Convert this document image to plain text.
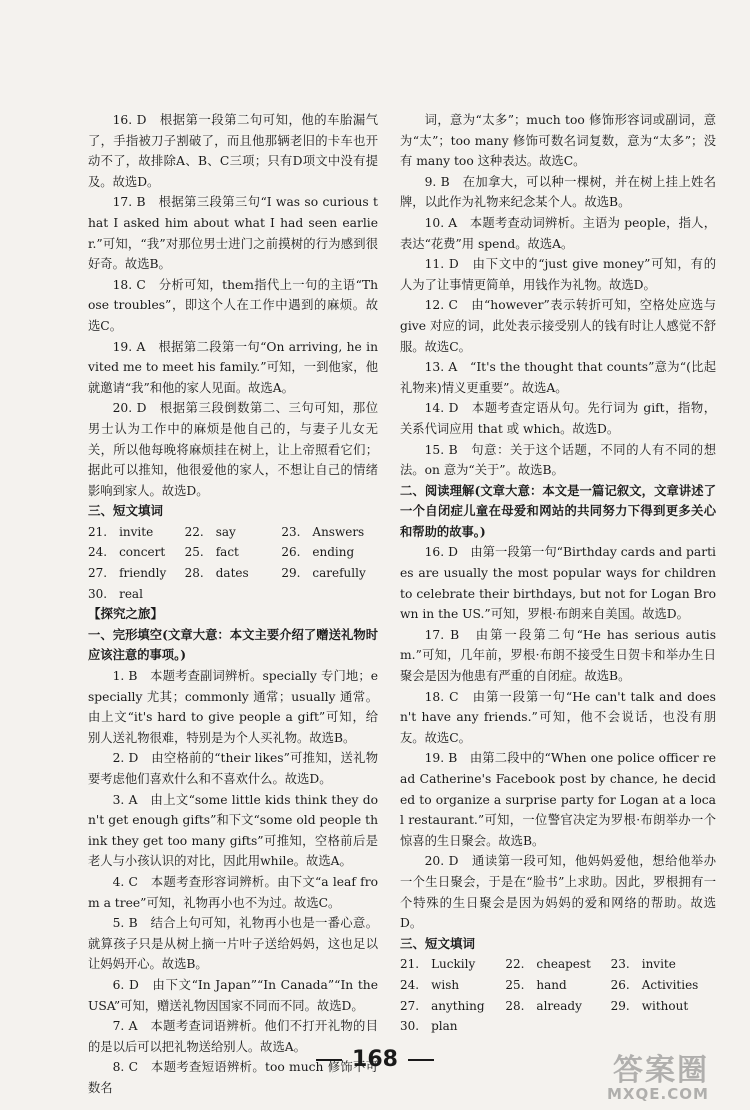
16. D　根据第一段第二句可知，他的车胎漏气了，手指被刀子割破了，而且他那辆老旧的卡车也开动不了，故排除A、B、C三项；只有D项文中没有提及。故选D。
17. B　根据第三段第三句“I was so curious that I asked him about what I had seen earlier.”可知，“我”对那位男士进门之前摸树的行为感到很好奇。故选B。
18. C　分析可知，them指代上一句的主语“Those troubles”，即这个人在工作中遇到的麻烦。故选C。
19. A　根据第二段第一句“On arriving, he invited me to meet his family.”可知，一到他家，他就邀请“我”和他的家人见面。故选A。
20. D　根据第三段倒数第二、三句可知，那位男士认为工作中的麻烦是他自己的，与妻子儿女无关，所以他每晚将麻烦挂在树上，让上帝照看它们；据此可以推知，他很爱他的家人，不想让自己的情绪影响到家人。故选D。
三、短文填词
21.　invite	22.　say	23.　Answers
24.　concert	25.　fact	26.　ending
27.　friendly	28.　dates	29.　carefully
30.　real		
【探究之旅】
一、完形填空(文章大意：本文主要介绍了赠送礼物时应该注意的事项。)
1. B　本题考查副词辨析。specially 专门地；especially 尤其；commonly 通常；usually 通常。由上文“it's hard to give people a gift”可知，给别人送礼物很难，特别是为个人买礼物。故选B。
2. D　由空格前的“their likes”可推知，送礼物要考虑他们喜欢什么和不喜欢什么。故选D。
3. A　由上文“some little kids think they don't get enough gifts”和下文“some old people think they get too many gifts”可推知，空格前后是老人与小孩认识的对比，因此用while。故选A。
4. C　本题考查形容词辨析。由下文“a leaf from a tree”可知，礼物再小也不为过。故选C。
5. B　结合上句可知，礼物再小也是一番心意。就算孩子只是从树上摘一片叶子送给妈妈，这也足以让妈妈开心。故选B。
6. D　由下文“In Japan”“In Canada”“In the USA”可知，赠送礼物因国家不同而不同。故选D。
7. A　本题考查词语辨析。他们不打开礼物的目的是以后可以把礼物送给别人。故选A。
8. C　本题考查短语辨析。too much 修饰不可数名
词，意为“太多”；much too 修饰形容词或副词，意为“太”；too many 修饰可数名词复数，意为“太多”；没有 many too 这种表达。故选C。
9. B　在加拿大，可以种一棵树，并在树上挂上姓名牌，以此作为礼物来纪念某个人。故选B。
10. A　本题考查动词辨析。主语为 people，指人，表达“花费”用 spend。故选A。
11. D　由下文中的“just give money”可知，有的人为了让事情更简单，用钱作为礼物。故选D。
12. C　由“however”表示转折可知，空格处应选与 give 对应的词，此处表示接受别人的钱有时让人感觉不舒服。故选C。
13. A　“It's the thought that counts”意为“(比起礼物来)情义更重要”。故选A。
14. D　本题考查定语从句。先行词为 gift，指物，关系代词应用 that 或 which。故选D。
15. B　句意：关于这个话题，不同的人有不同的想法。on 意为“关于”。故选B。
二、阅读理解(文章大意：本文是一篇记叙文，文章讲述了一个自闭症儿童在母爱和网站的共同努力下得到更多关心和帮助的故事。)
16. D　由第一段第一句“Birthday cards and parties are usually the most popular ways for children to celebrate their birthdays, but not for Logan Brown in the US.”可知，罗根·布朗来自美国。故选D。
17. B　由第一段第二句“He has serious autism.”可知，几年前，罗根·布朗不接受生日贺卡和举办生日聚会是因为他患有严重的自闭症。故选B。
18. C　由第一段第一句“He can't talk and doesn't have any friends.”可知，他不会说话，也没有朋友。故选C。
19. B　由第二段中的“When one police officer read Catherine's Facebook post by chance, he decided to organize a surprise party for Logan at a local restaurant.”可知，一位警官决定为罗根·布朗举办一个惊喜的生日聚会。故选B。
20. D　通读第一段可知，他妈妈爱他，想给他举办一个生日聚会，于是在“脸书”上求助。因此，罗根拥有一个特殊的生日聚会是因为妈妈的爱和网络的帮助。故选D。
三、短文填词
21.　Luckily	22.　cheapest	23.　invite
24.　wish	25.　hand	26.　Activities
27.　anything	28.　already	29.　without
30.　plan		
168	答案圈
MXQE.COM
